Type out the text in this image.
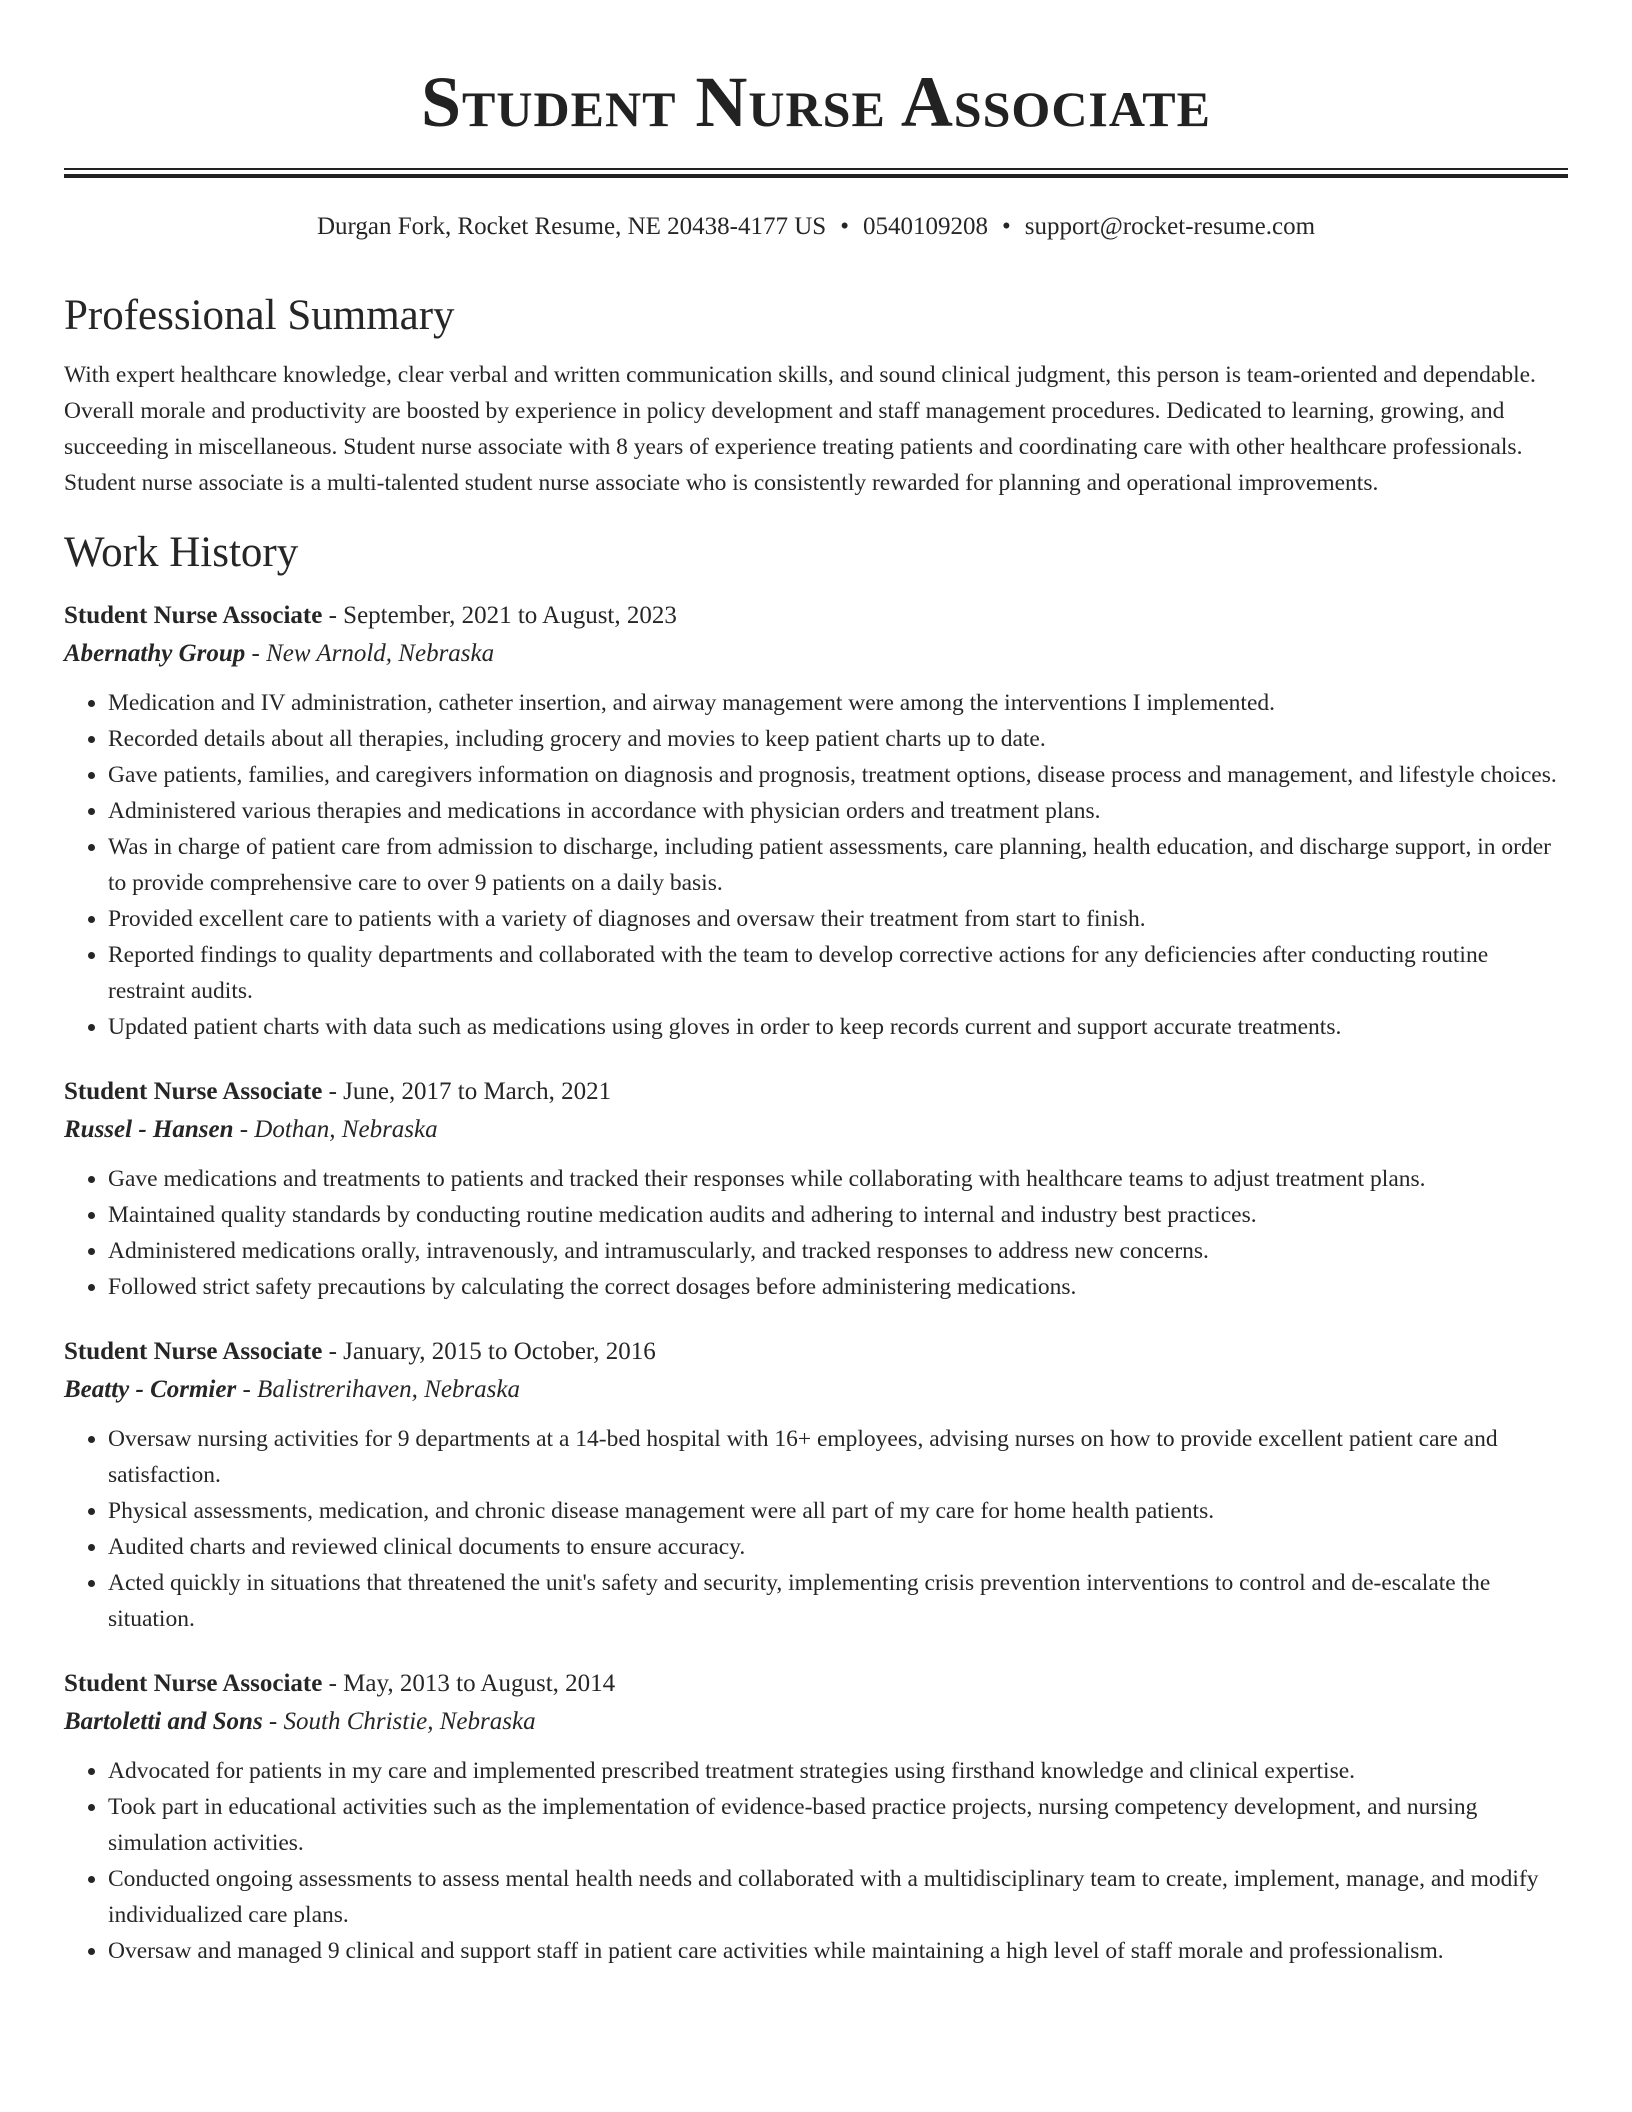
Student Nurse Associate
Durgan Fork, Rocket Resume, NE 20438-4177 US • 0540109208 • support@rocket-resume.com
Professional Summary
With expert healthcare knowledge, clear verbal and written communication skills, and sound clinical judgment, this person is team-oriented and dependable. Overall morale and productivity are boosted by experience in policy development and staff management procedures. Dedicated to learning, growing, and succeeding in miscellaneous. Student nurse associate with 8 years of experience treating patients and coordinating care with other healthcare professionals. Student nurse associate is a multi-talented student nurse associate who is consistently rewarded for planning and operational improvements.
Work History
Student Nurse Associate - September, 2021 to August, 2023
Abernathy Group - New Arnold, Nebraska
• Medication and IV administration, catheter insertion, and airway management were among the interventions I implemented.
• Recorded details about all therapies, including grocery and movies to keep patient charts up to date.
• Gave patients, families, and caregivers information on diagnosis and prognosis, treatment options, disease process and management, and lifestyle choices.
• Administered various therapies and medications in accordance with physician orders and treatment plans.
• Was in charge of patient care from admission to discharge, including patient assessments, care planning, health education, and discharge support, in order to provide comprehensive care to over 9 patients on a daily basis.
• Provided excellent care to patients with a variety of diagnoses and oversaw their treatment from start to finish.
• Reported findings to quality departments and collaborated with the team to develop corrective actions for any deficiencies after conducting routine restraint audits.
• Updated patient charts with data such as medications using gloves in order to keep records current and support accurate treatments.
Student Nurse Associate - June, 2017 to March, 2021
Russel - Hansen - Dothan, Nebraska
• Gave medications and treatments to patients and tracked their responses while collaborating with healthcare teams to adjust treatment plans.
• Maintained quality standards by conducting routine medication audits and adhering to internal and industry best practices.
• Administered medications orally, intravenously, and intramuscularly, and tracked responses to address new concerns.
• Followed strict safety precautions by calculating the correct dosages before administering medications.
Student Nurse Associate - January, 2015 to October, 2016
Beatty - Cormier - Balistrerihaven, Nebraska
• Oversaw nursing activities for 9 departments at a 14-bed hospital with 16+ employees, advising nurses on how to provide excellent patient care and satisfaction.
• Physical assessments, medication, and chronic disease management were all part of my care for home health patients.
• Audited charts and reviewed clinical documents to ensure accuracy.
• Acted quickly in situations that threatened the unit's safety and security, implementing crisis prevention interventions to control and de-escalate the situation.
Student Nurse Associate - May, 2013 to August, 2014
Bartoletti and Sons - South Christie, Nebraska
• Advocated for patients in my care and implemented prescribed treatment strategies using firsthand knowledge and clinical expertise.
• Took part in educational activities such as the implementation of evidence-based practice projects, nursing competency development, and nursing simulation activities.
• Conducted ongoing assessments to assess mental health needs and collaborated with a multidisciplinary team to create, implement, manage, and modify individualized care plans.
• Oversaw and managed 9 clinical and support staff in patient care activities while maintaining a high level of staff morale and professionalism.
